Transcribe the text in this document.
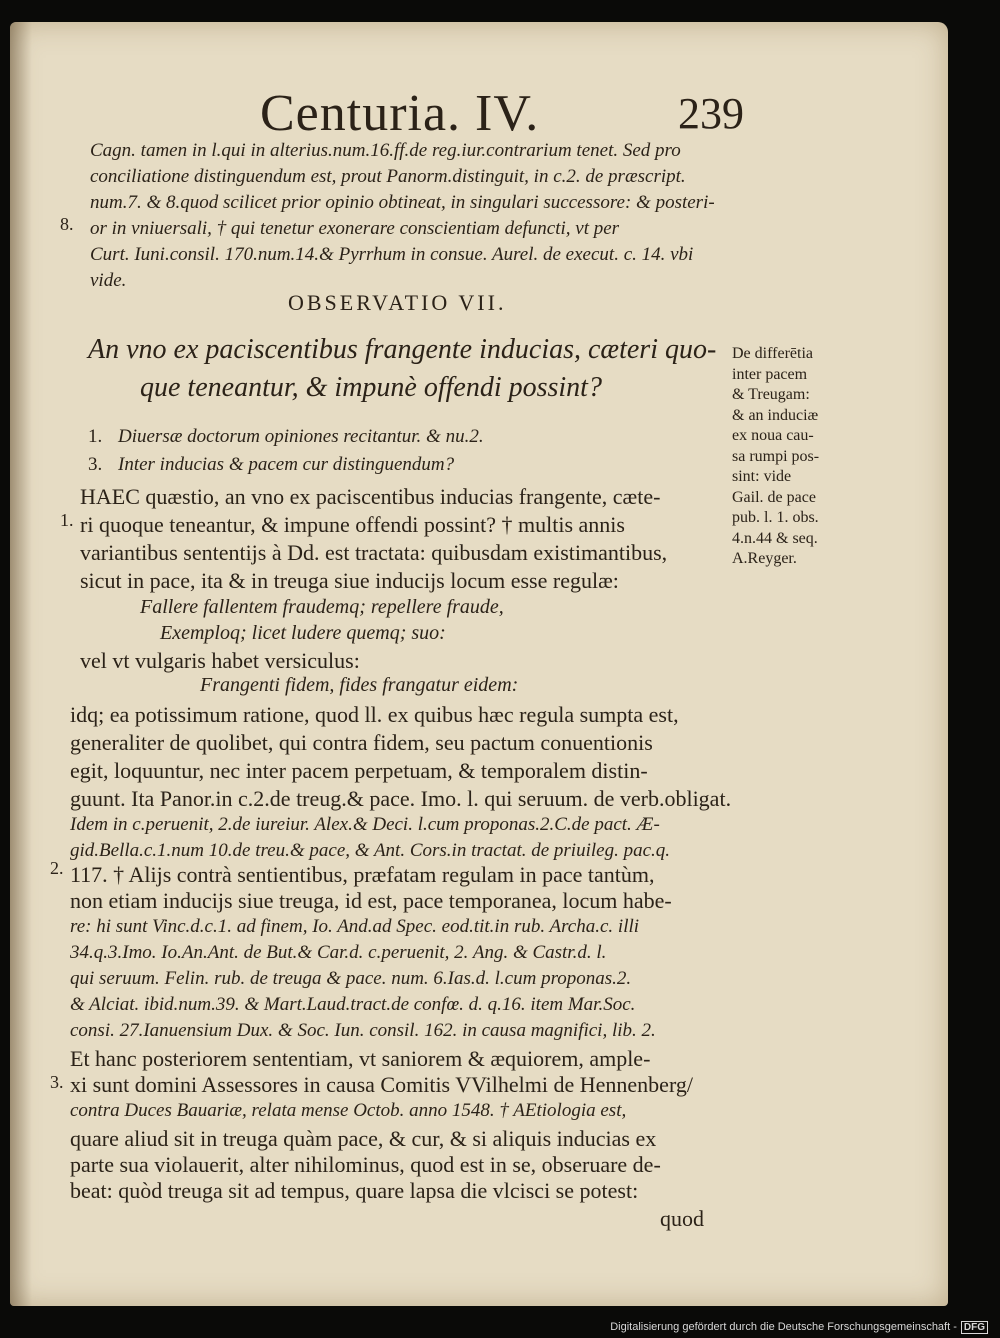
Centuria. IV.	239
Cagn. tamen in l.qui in alterius.num.16.ff.de reg.iur.contrarium tenet. Sed pro
conciliatione distinguendum est, prout Panorm.distinguit, in c.2. de præscript.
num.7. & 8.quod scilicet prior opinio obtineat, in singulari successore: & posteri-
8. or in vniuersali, † qui tenetur exonerare conscientiam defuncti, vt per
Curt. Iuni.consil. 170.num.14.& Pyrrhum in consue. Aurel. de execut. c. 14. vbi
vide.
OBSERVATIO VII.
An vno ex paciscentibus frangente inducias, cæteri quo-
que teneantur, & impunè offendi possint?
De differētia
inter pacem
& Treugam:
& an induciæ
ex noua cau-
sa rumpi pos-
sint: vide
Gail. de pace
pub. l. 1. obs.
4.n.44 & seq.
A.Reyger.
1. Diuersæ doctorum opiniones recitantur. & nu.2.
3. Inter inducias & pacem cur distinguendum?
1.
HAEC quæstio, an vno ex paciscentibus inducias frangente, cæte-
ri quoque teneantur, & impune offendi possint? † multis annis
variantibus sententijs à Dd. est tractata: quibusdam existimantibus,
sicut in pace, ita & in treuga siue inducijs locum esse regulæ:
Fallere fallentem fraudemq; repellere fraude,
Exemploq; licet ludere quemq; suo:
vel vt vulgaris habet versiculus:
Frangenti fidem, fides frangatur eidem:
idq; ea potissimum ratione, quod ll. ex quibus hæc regula sumpta est,
generaliter de quolibet, qui contra fidem, seu pactum conuentionis
egit, loquuntur, nec inter pacem perpetuam, & temporalem distin-
guunt. Ita Panor.in c.2.de treug.& pace. Imo. l. qui seruum. de verb.obligat.
Idem in c.peruenit, 2.de iureiur. Alex.& Deci. l.cum proponas.2.C.de pact. Æ-
gid.Bella.c.1.num 10.de treu.& pace, & Ant. Cors.in tractat. de priuileg. pac.q.
2. 117. † Alijs contrà sentientibus, præfatam regulam in pace tantùm,
non etiam inducijs siue treuga, id est, pace temporanea, locum habe-
re: hi sunt Vinc.d.c.1. ad finem, Io. And.ad Spec. eod.tit.in rub. Archa.c. illi
34.q.3.Imo. Io.An.Ant. de But.& Car.d. c.peruenit, 2. Ang. & Castr.d. l.
qui seruum. Felin. rub. de treuga & pace. num. 6.Ias.d. l.cum proponas.2.
& Alciat. ibid.num.39. & Mart.Laud.tract.de confœ. d. q.16. item Mar.Soc.
consi. 27.Ianuensium Dux. & Soc. Iun. consil. 162. in causa magnifici, lib. 2.
Et hanc posteriorem sententiam, vt saniorem & æquiorem, ample-
xi sunt domini Assessores in causa Comitis VVilhelmi de Hennenberg/
3.
contra Duces Bauariæ, relata mense Octob. anno 1548. † AEtiologia est,
quare aliud sit in treuga quàm pace, & cur, & si aliquis inducias ex
parte sua violauerit, alter nihilominus, quod est in se, obseruare de-
beat: quòd treuga sit ad tempus, quare lapsa die vlcisci se potest:
quod
Digitalisierung gefördert durch die Deutsche Forschungsgemeinschaft - DFG
